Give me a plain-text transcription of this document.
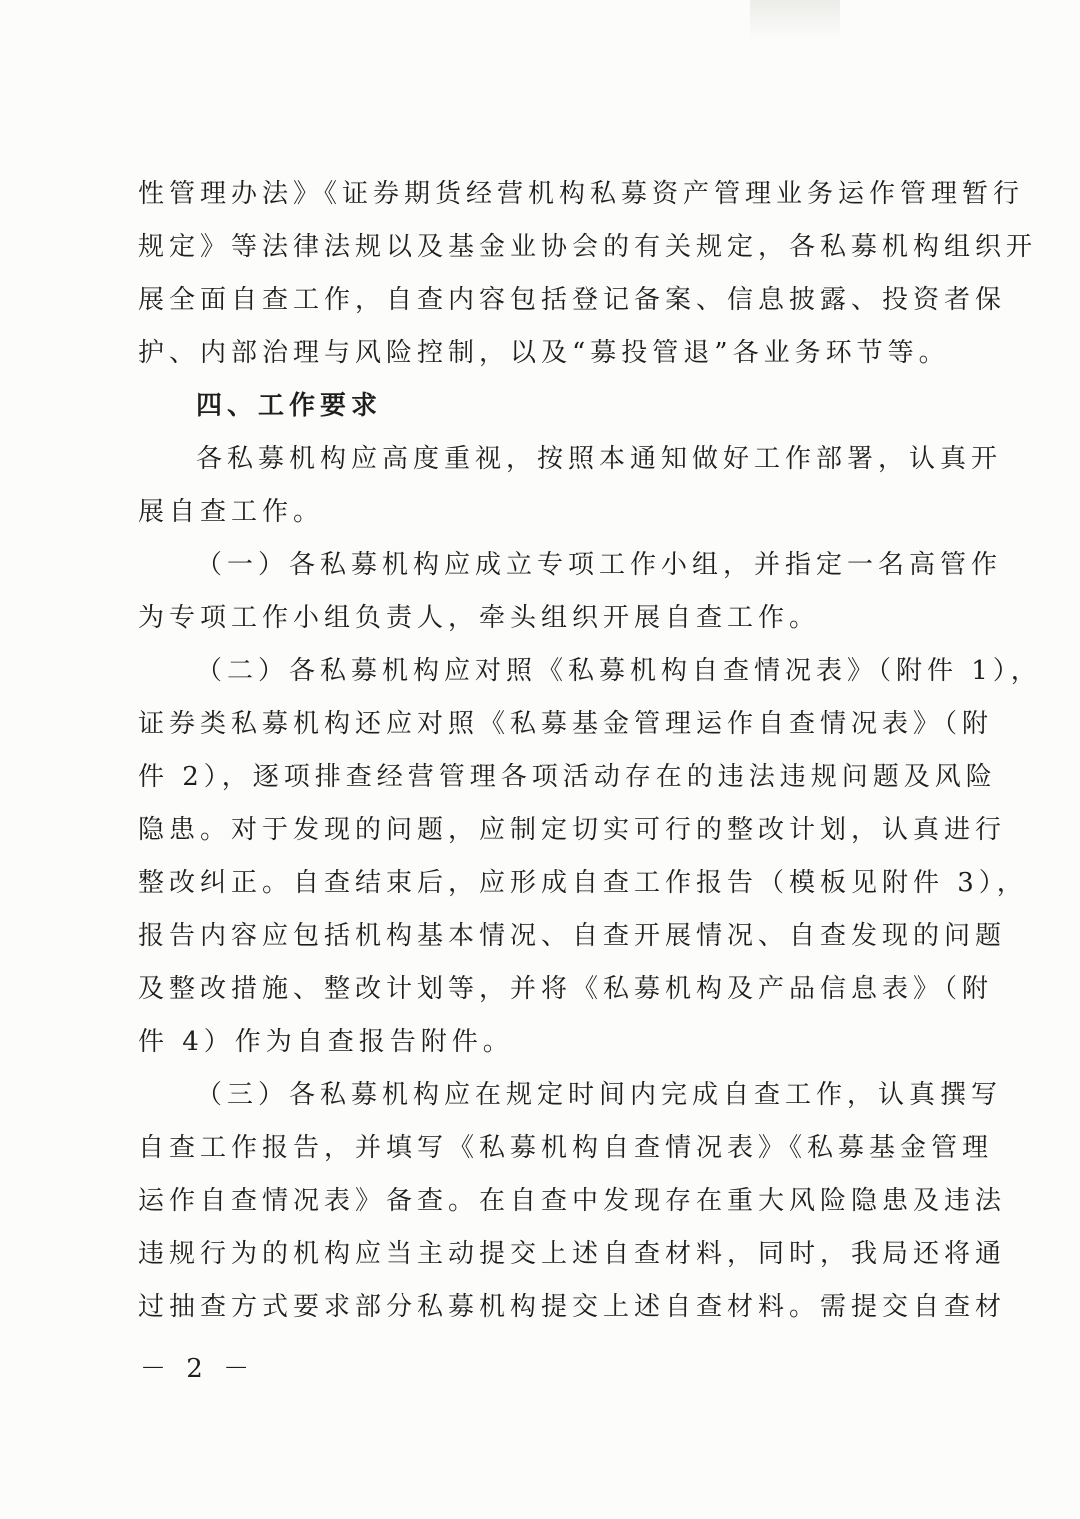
性管理办法》《证券期货经营机构私募资产管理业务运作管理暂行
规定》等法律法规以及基金业协会的有关规定，各私募机构组织开
展全面自查工作，自查内容包括登记备案、信息披露、投资者保
护、内部治理与风险控制，以及“募投管退”各业务环节等。
四、工作要求
各私募机构应高度重视，按照本通知做好工作部署，认真开
展自查工作。
（一）各私募机构应成立专项工作小组，并指定一名高管作
为专项工作小组负责人，牵头组织开展自查工作。
（二）各私募机构应对照《私募机构自查情况表》（附件 1），
证券类私募机构还应对照《私募基金管理运作自查情况表》（附
件 2），逐项排查经营管理各项活动存在的违法违规问题及风险
隐患。对于发现的问题，应制定切实可行的整改计划，认真进行
整改纠正。自查结束后，应形成自查工作报告（模板见附件 3），
报告内容应包括机构基本情况、自查开展情况、自查发现的问题
及整改措施、整改计划等，并将《私募机构及产品信息表》（附
件 4）作为自查报告附件。
（三）各私募机构应在规定时间内完成自查工作，认真撰写
自查工作报告，并填写《私募机构自查情况表》《私募基金管理
运作自查情况表》备查。在自查中发现存在重大风险隐患及违法
违规行为的机构应当主动提交上述自查材料，同时，我局还将通
过抽查方式要求部分私募机构提交上述自查材料。需提交自查材
－ 2 －
